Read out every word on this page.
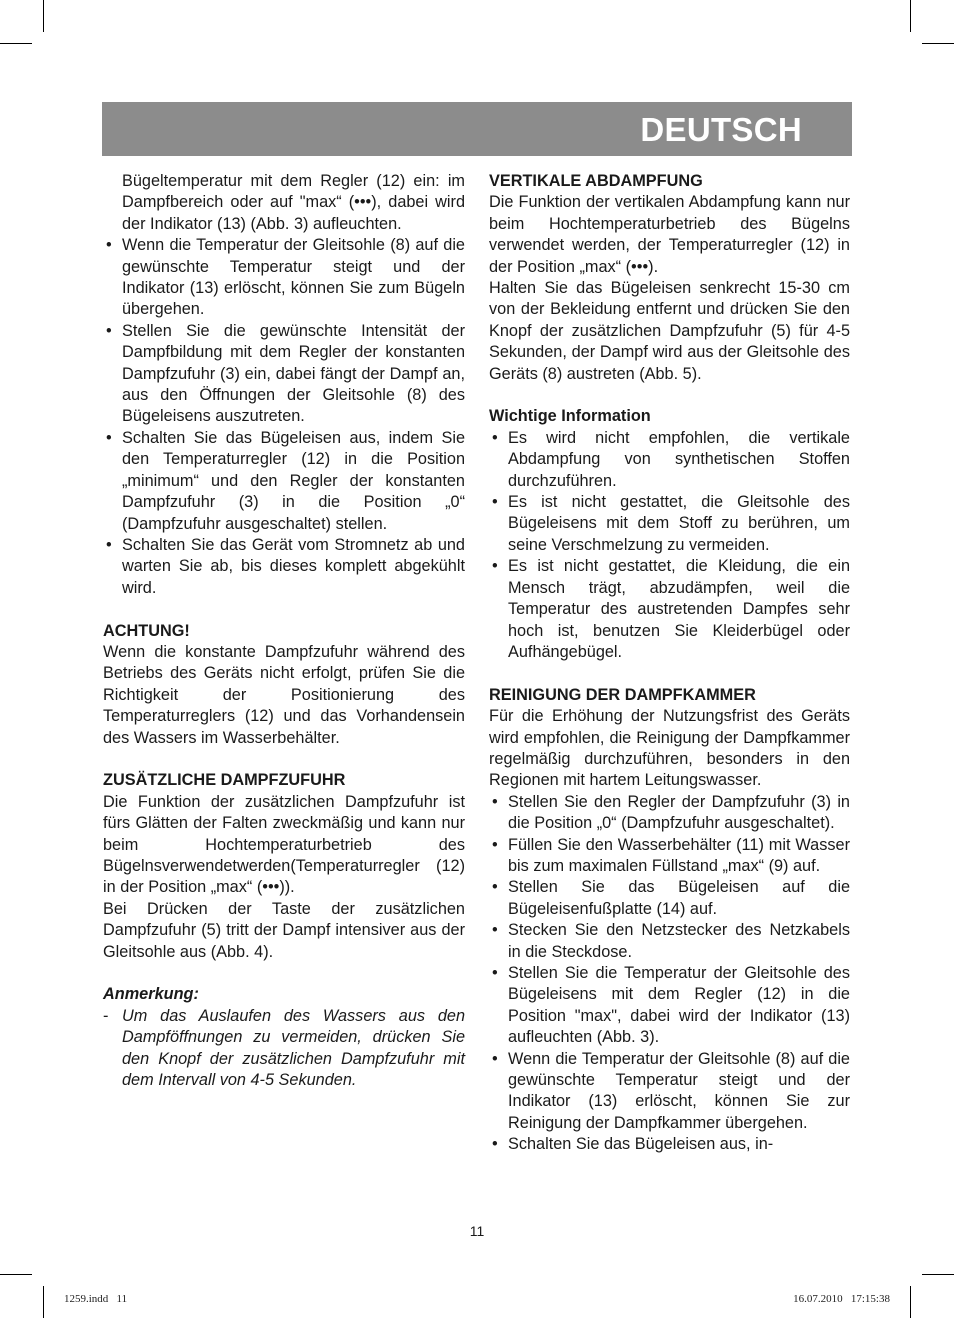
DEUTSCH

Bügeltemperatur mit dem Regler (12) ein: im Dampfbereich oder auf "max“ (•••), dabei wird der Indikator (13) (Abb. 3) aufleuchten.

• Wenn die Temperatur der Gleitsohle (8) auf die gewünschte Temperatur steigt und der Indikator (13) erlöscht, können Sie zum Bügeln übergehen.
• Stellen Sie die gewünschte Intensität der Dampfbildung mit dem Regler der konstanten Dampfzufuhr (3) ein, dabei fängt der Dampf an, aus den Öffnungen der Gleitsohle (8) des Bügeleisens auszutreten.
• Schalten Sie das Bügeleisen aus, indem Sie den Temperaturregler (12) in die Position „minimum“ und den Regler der konstanten Dampfzufuhr (3) in die Position „0“ (Dampfzufuhr ausgeschaltet) stellen.
• Schalten Sie das Gerät vom Stromnetz ab und warten Sie ab, bis dieses komplett abgekühlt wird.

ACHTUNG!

Wenn die konstante Dampfzufuhr während des Betriebs des Geräts nicht erfolgt, prüfen Sie die Richtigkeit der Positionierung des Temperaturreglers (12) und das Vorhandensein des Wassers im Wasserbehälter.

ZUSÄTZLICHE DAMPFZUFUHR

Die Funktion der zusätzlichen Dampfzufuhr ist fürs Glätten der Falten zweckmäßig und kann nur beim Hochtemperaturbetrieb des Bügelnsverwendetwerden(Temperaturregler (12) in der Position „max“ (•••)).

Bei Drücken der Taste der zusätzlichen Dampfzufuhr (5) tritt der Dampf intensiver aus der Gleitsohle aus (Abb. 4).

Anmerkung:

- Um das Auslaufen des Wassers aus den Dampföffnungen zu vermeiden, drücken Sie den Knopf der zusätzlichen Dampfzufuhr mit dem Intervall von 4-5 Sekunden.

VERTIKALE ABDAMPFUNG

Die Funktion der vertikalen Abdampfung kann nur beim Hochtemperaturbetrieb des Bügelns verwendet werden, der Temperaturregler (12) in der Position „max“ (•••).

Halten Sie das Bügeleisen senkrecht 15-30 cm von der Bekleidung entfernt und drücken Sie den Knopf der zusätzlichen Dampfzufuhr (5) für 4-5 Sekunden, der Dampf wird aus der Gleitsohle des Geräts (8) austreten (Abb. 5).

Wichtige Information

• Es wird nicht empfohlen, die vertikale Abdampfung von synthetischen Stoffen durchzuführen.
• Es ist nicht gestattet, die Gleitsohle des Bügeleisens mit dem Stoff zu berühren, um seine Verschmelzung zu vermeiden.
• Es ist nicht gestattet, die Kleidung, die ein Mensch trägt, abzudämpfen, weil die Temperatur des austretenden Dampfes sehr hoch ist, benutzen Sie Kleiderbügel oder Aufhängebügel.

REINIGUNG DER DAMPFKAMMER

Für die Erhöhung der Nutzungsfrist des Geräts wird empfohlen, die Reinigung der Dampfkammer regelmäßig durchzuführen, besonders in den Regionen mit hartem Leitungswasser.

• Stellen Sie den Regler der Dampfzufuhr (3) in die Position „0“ (Dampfzufuhr ausgeschaltet).
• Füllen Sie den Wasserbehälter (11) mit Wasser bis zum maximalen Füllstand „max“ (9) auf.
• Stellen Sie das Bügeleisen auf die Bügeleisenfußplatte (14) auf.
• Stecken Sie den Netzstecker des Netzkabels in die Steckdose.
• Stellen Sie die Temperatur der Gleitsohle des Bügeleisens mit dem Regler (12) in die Position "max", dabei wird der Indikator (13) aufleuchten (Abb. 3).
• Wenn die Temperatur der Gleitsohle (8) auf die gewünschte Temperatur steigt und der Indikator (13) erlöscht, können Sie zur Reinigung der Dampfkammer übergehen.
• Schalten Sie das Bügeleisen aus, in-
11
1259.indd   11	16.07.2010   17:15:38
